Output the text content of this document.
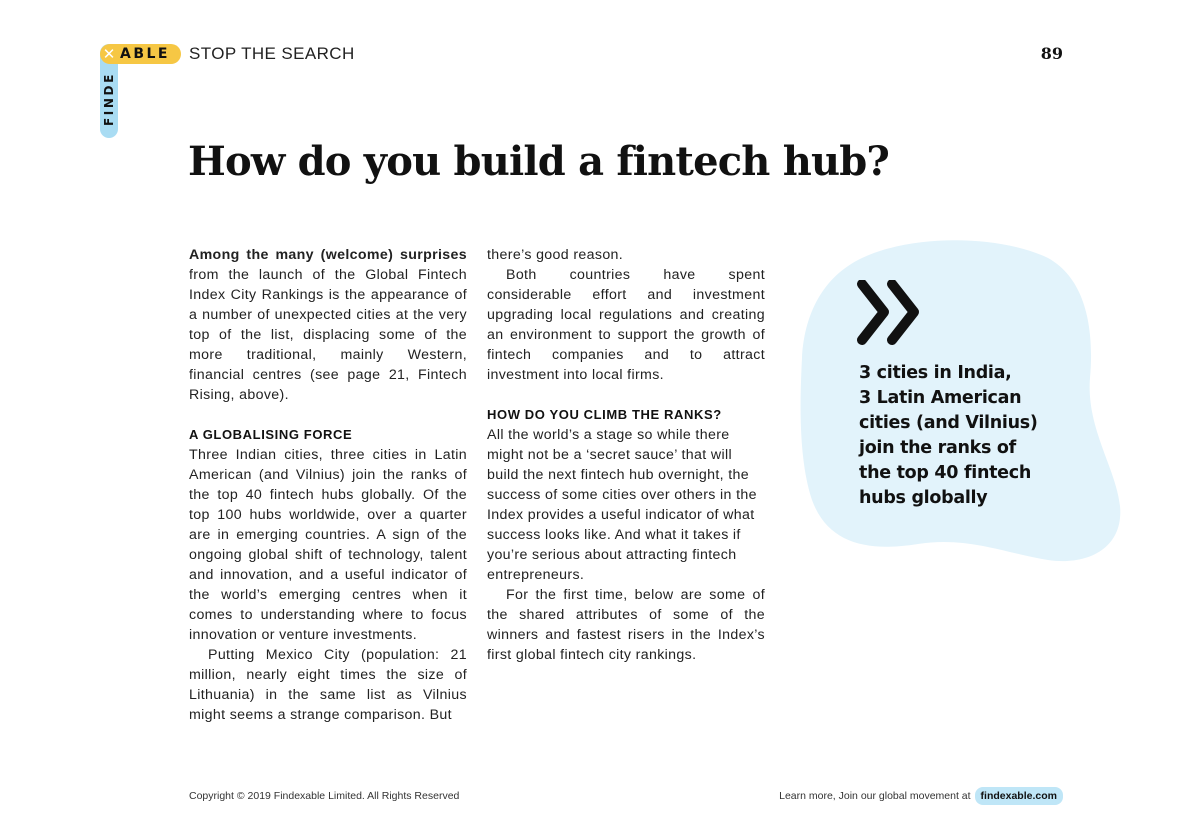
✕ ABLE
FINDE
STOP THE SEARCH	89
How do you build a fintech hub?

Among the many (welcome) surprises from the launch of the Global Fintech Index City Rankings is the appearance of a number of unexpected cities at the very top of the list, displacing some of the more traditional, mainly Western, financial centres (see page 21, Fintech Rising, above).

A GLOBALISING FORCE

Three Indian cities, three cities in Latin American (and Vilnius) join the ranks of the top 40 fintech hubs globally. Of the top 100 hubs worldwide, over a quarter are in emerging countries. A sign of the ongoing global shift of technology, talent and innovation, and a useful indicator of the world’s emerging centres when it comes to understanding where to focus innovation or venture investments.

Putting Mexico City (population: 21 million, nearly eight times the size of Lithuania) in the same list as Vilnius might seems a strange comparison. But

there’s good reason.

Both countries have spent considerable effort and investment upgrading local regulations and creating an environment to support the growth of fintech companies and to attract investment into local firms.

HOW DO YOU CLIMB THE RANKS?

All the world’s a stage so while there might not be a ‘secret sauce’ that will build the next fintech hub overnight, the success of some cities over others in the Index provides a useful indicator of what success looks like. And what it takes if you’re serious about attracting fintech entrepreneurs.

For the first time, below are some of the shared attributes of some of the winners and fastest risers in the Index’s first global fintech city rankings.

3 cities in India,
3 Latin American
cities (and Vilnius)
join the ranks of
the top 40 fintech
hubs globally
Copyright © 2019 Findexable Limited. All Rights Reserved	Learn more, Join our global movement at findexable.com
